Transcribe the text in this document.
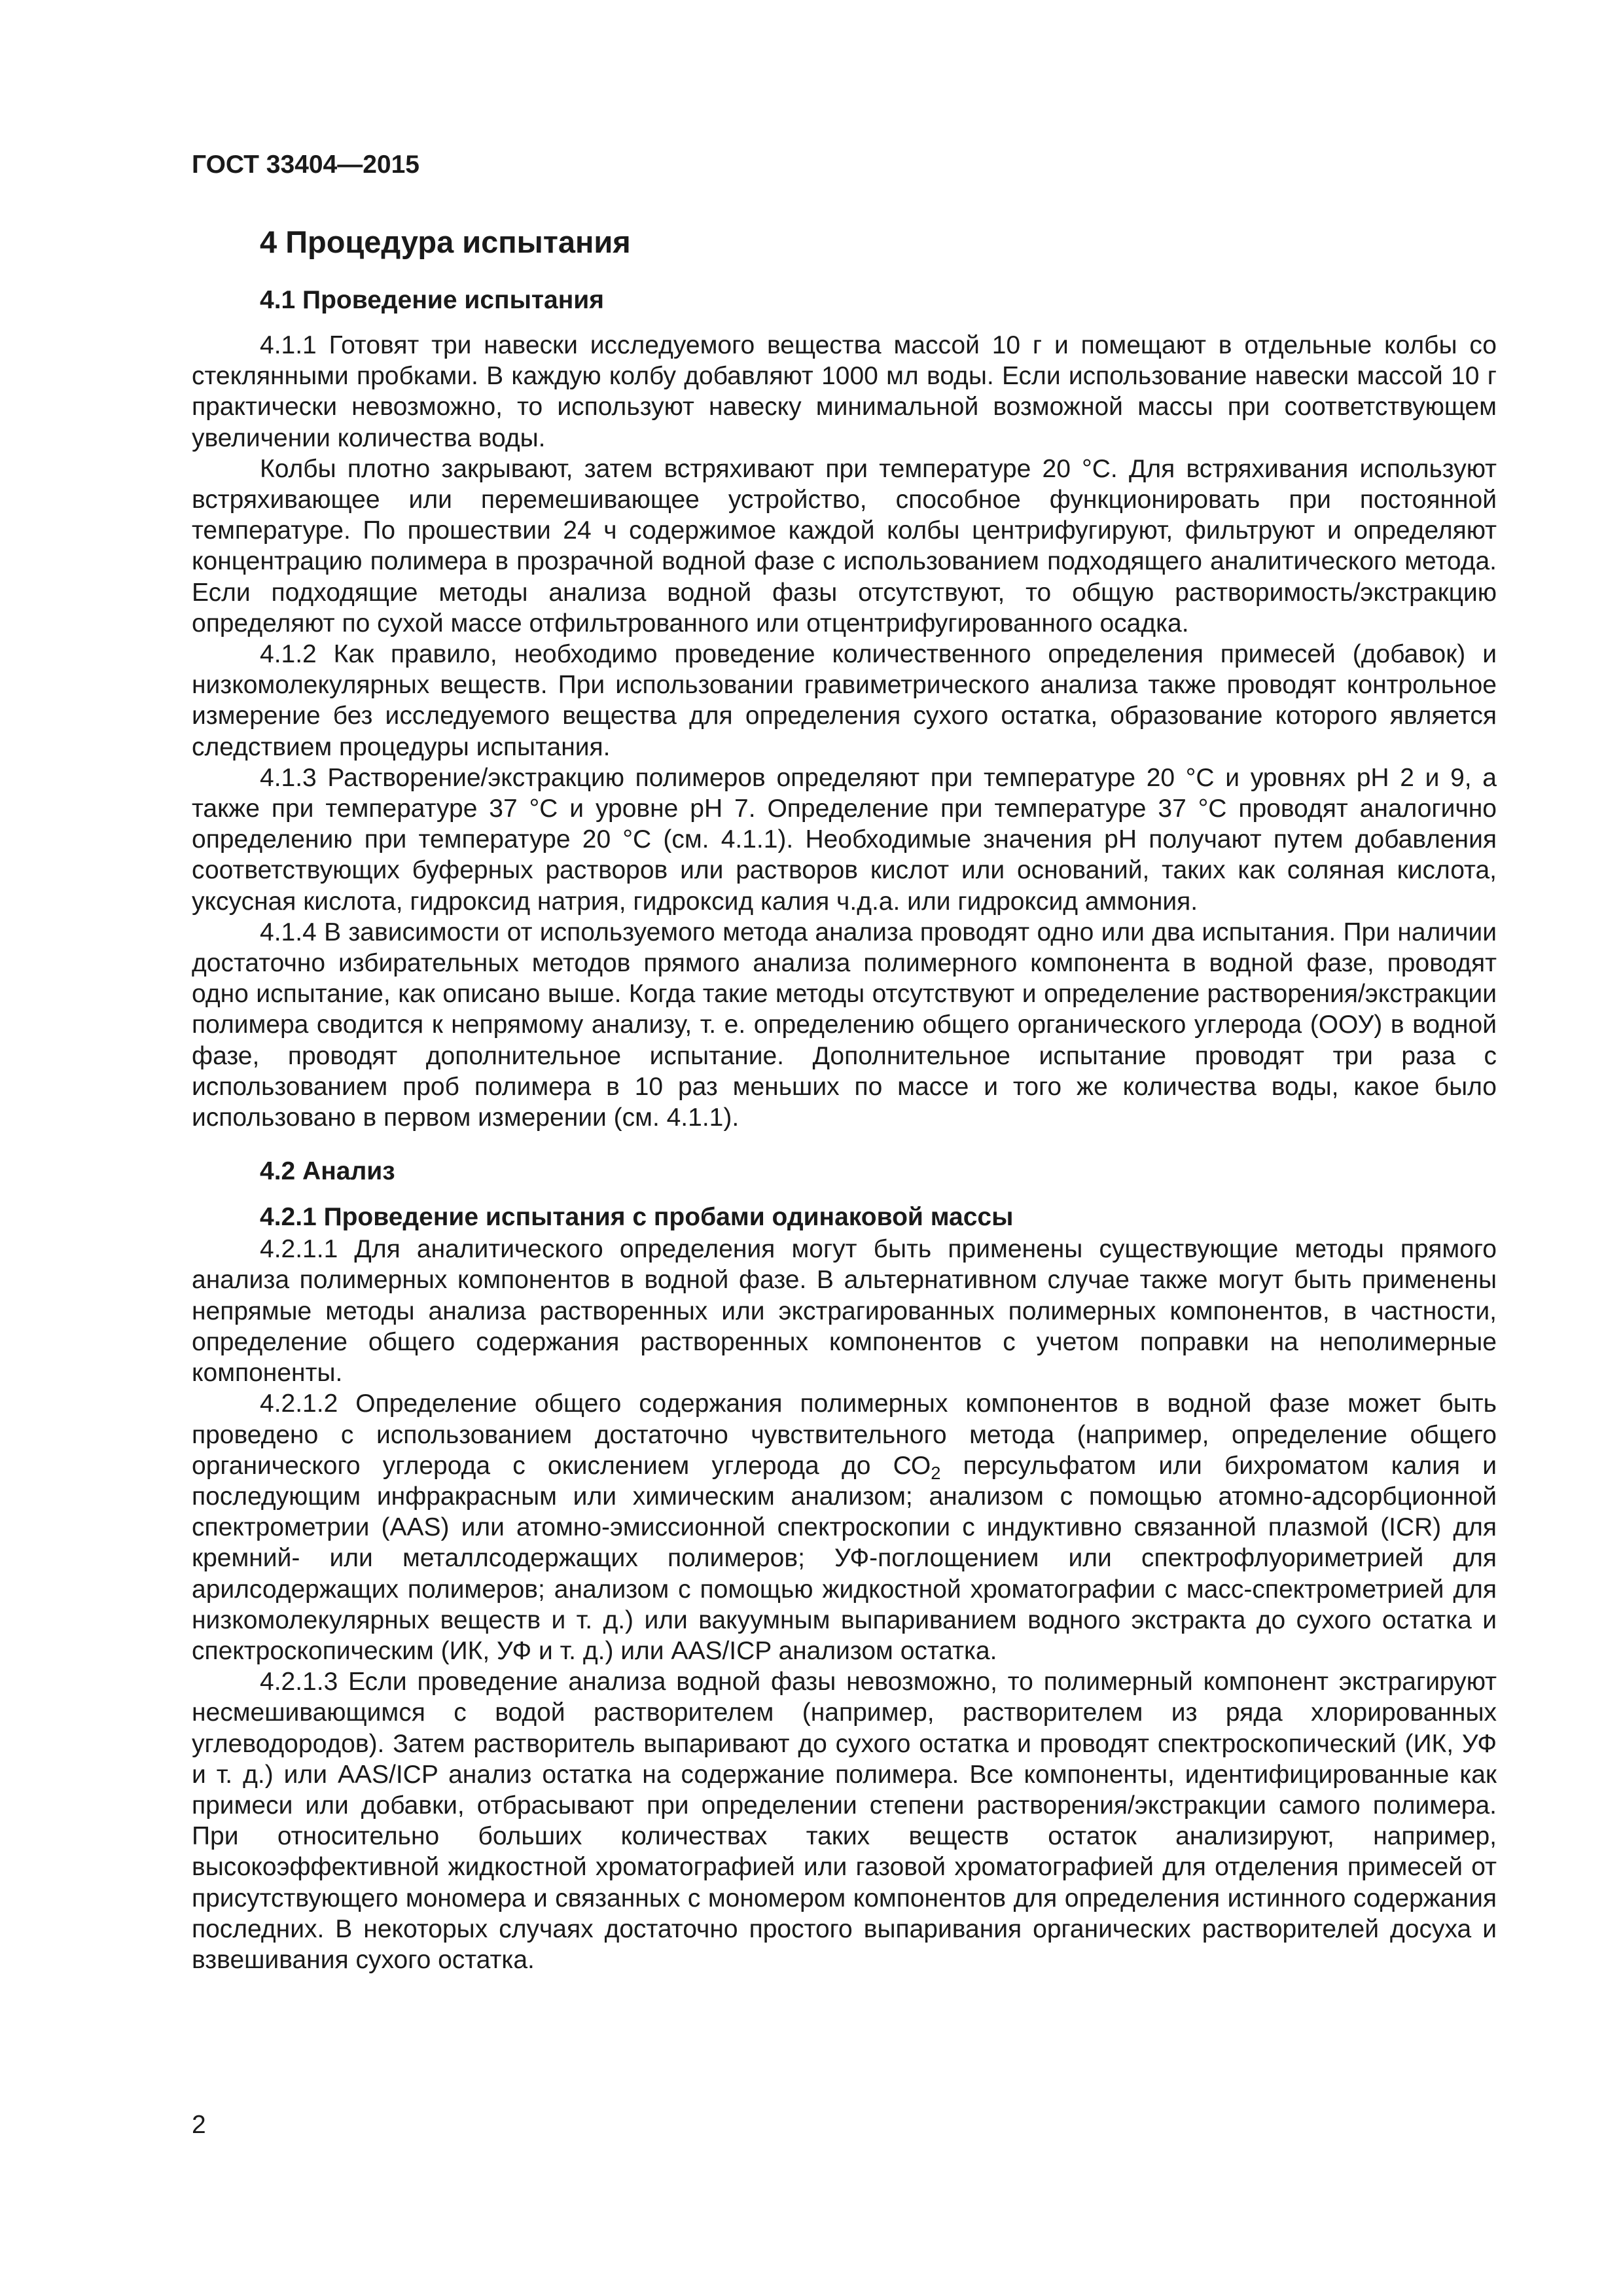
ГОСТ 33404—2015
4 Процедура испытания
4.1 Проведение испытания

4.1.1 Готовят три навески исследуемого вещества массой 10 г и помещают в отдельные колбы со стеклянными пробками. В каждую колбу добавляют 1000 мл воды. Если использование навески массой 10 г практически невозможно, то используют навеску минимальной возможной массы при соответствующем увеличении количества воды.

Колбы плотно закрывают, затем встряхивают при температуре 20 °С. Для встряхивания используют встряхивающее или перемешивающее устройство, способное функционировать при постоянной температуре. По прошествии 24 ч содержимое каждой колбы центрифугируют, фильтруют и определяют концентрацию полимера в прозрачной водной фазе с использованием подходящего аналитического метода. Если подходящие методы анализа водной фазы отсутствуют, то общую растворимость/экстракцию определяют по сухой массе отфильтрованного или отцентрифугированного осадка.

4.1.2 Как правило, необходимо проведение количественного определения примесей (добавок) и низкомолекулярных веществ. При использовании гравиметрического анализа также проводят контрольное измерение без исследуемого вещества для определения сухого остатка, образование которого является следствием процедуры испытания.

4.1.3 Растворение/экстракцию полимеров определяют при температуре 20 °С и уровнях рН 2 и 9, а также при температуре 37 °С и уровне рН 7. Определение при температуре 37 °С проводят аналогично определению при температуре 20 °С (см. 4.1.1). Необходимые значения рН получают путем добавления соответствующих буферных растворов или растворов кислот или оснований, таких как соляная кислота, уксусная кислота, гидроксид натрия, гидроксид калия ч.д.а. или гидроксид аммония.

4.1.4 В зависимости от используемого метода анализа проводят одно или два испытания. При наличии достаточно избирательных методов прямого анализа полимерного компонента в водной фазе, проводят одно испытание, как описано выше. Когда такие методы отсутствуют и определение растворения/экстракции полимера сводится к непрямому анализу, т. е. определению общего органического углерода (ООУ) в водной фазе, проводят дополнительное испытание. Дополнительное испытание проводят три раза с использованием проб полимера в 10 раз меньших по массе и того же количества воды, какое было использовано в первом измерении (см. 4.1.1).

4.2 Анализ
4.2.1 Проведение испытания с пробами одинаковой массы

4.2.1.1 Для аналитического определения могут быть применены существующие методы прямого анализа полимерных компонентов в водной фазе. В альтернативном случае также могут быть применены непрямые методы анализа растворенных или экстрагированных полимерных компонентов, в частности, определение общего содержания растворенных компонентов с учетом поправки на неполимерные компоненты.

4.2.1.2 Определение общего содержания полимерных компонентов в водной фазе может быть проведено с использованием достаточно чувствительного метода (например, определение общего органического углерода с окислением углерода до $СО_2$ персульфатом или бихроматом калия и последующим инфракрасным или химическим анализом; анализом с помощью атомно-адсорбционной спектрометрии (AAS) или атомно-эмиссионной спектроскопии с индуктивно связанной плазмой (ICR) для кремний- или металлсодержащих полимеров; УФ-поглощением или спектрофлуориметрией для арилсодержащих полимеров; анализом с помощью жидкостной хроматографии с масс-спектрометрией для низкомолекулярных веществ и т. д.) или вакуумным выпариванием водного экстракта до сухого остатка и спектроскопическим (ИК, УФ и т. д.) или AAS/ICP анализом остатка.

4.2.1.3 Если проведение анализа водной фазы невозможно, то полимерный компонент экстрагируют несмешивающимся с водой растворителем (например, растворителем из ряда хлорированных углеводородов). Затем растворитель выпаривают до сухого остатка и проводят спектроскопический (ИК, УФ и т. д.) или AAS/ICP анализ остатка на содержание полимера. Все компоненты, идентифицированные как примеси или добавки, отбрасывают при определении степени растворения/экстракции самого полимера. При относительно больших количествах таких веществ остаток анализируют, например, высокоэффективной жидкостной хроматографией или газовой хроматографией для отделения примесей от присутствующего мономера и связанных с мономером компонентов для определения истинного содержания последних. В некоторых случаях достаточно простого выпаривания органических растворителей досуха и взвешивания сухого остатка.

2
